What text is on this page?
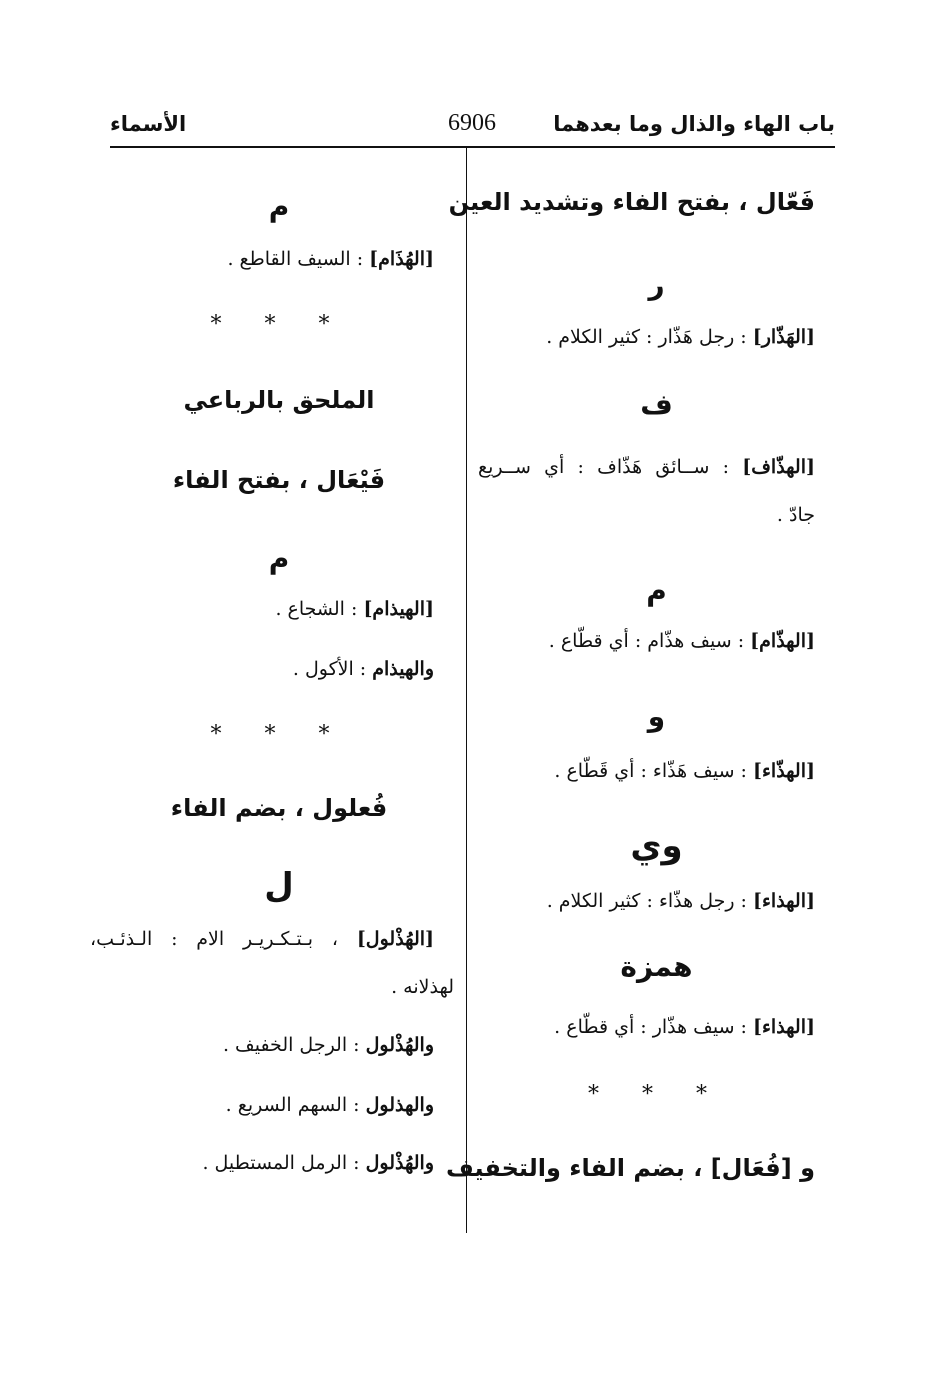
باب الهاء والذال وما بعدهما
6906
الأسماء
فَعّال ، بفتح الفاء وتشديد العين
ر
[الهَذّار] : رجل هَذّار : كثير الكلام .
ف
[الهذّاف] : ســائق هَذّاف : أي ســريع
جادّ .
م
[الهذّام] : سيف هذّام : أي قطّاع .
و
[الهذّاء] : سيف هَذّاء : أي قَطّاع .
وي
[الهذاء] : رجل هذّاء : كثير الكلام .
همزة
[الهذاء] : سيف هذّار : أي قطّاع .
* * *
و [فُعَال] ، بضم الفاء والتخفيف
م
[الهُذَام] : السيف القاطع .
* * *
الملحق بالرباعي
فَيْعَال ، بفتح الفاء
م
[الهيذام] : الشجاع .
والهيذام : الأكول .
* * *
فُعلول ، بضم الفاء
ل
[الهُذْلول] ، بـتـكـريـر الام : الـذئـب،
لهذلانه .
والهُذْلول : الرجل الخفيف .
والهذلول : السهم السريع .
والهُذْلول : الرمل المستطيل .
